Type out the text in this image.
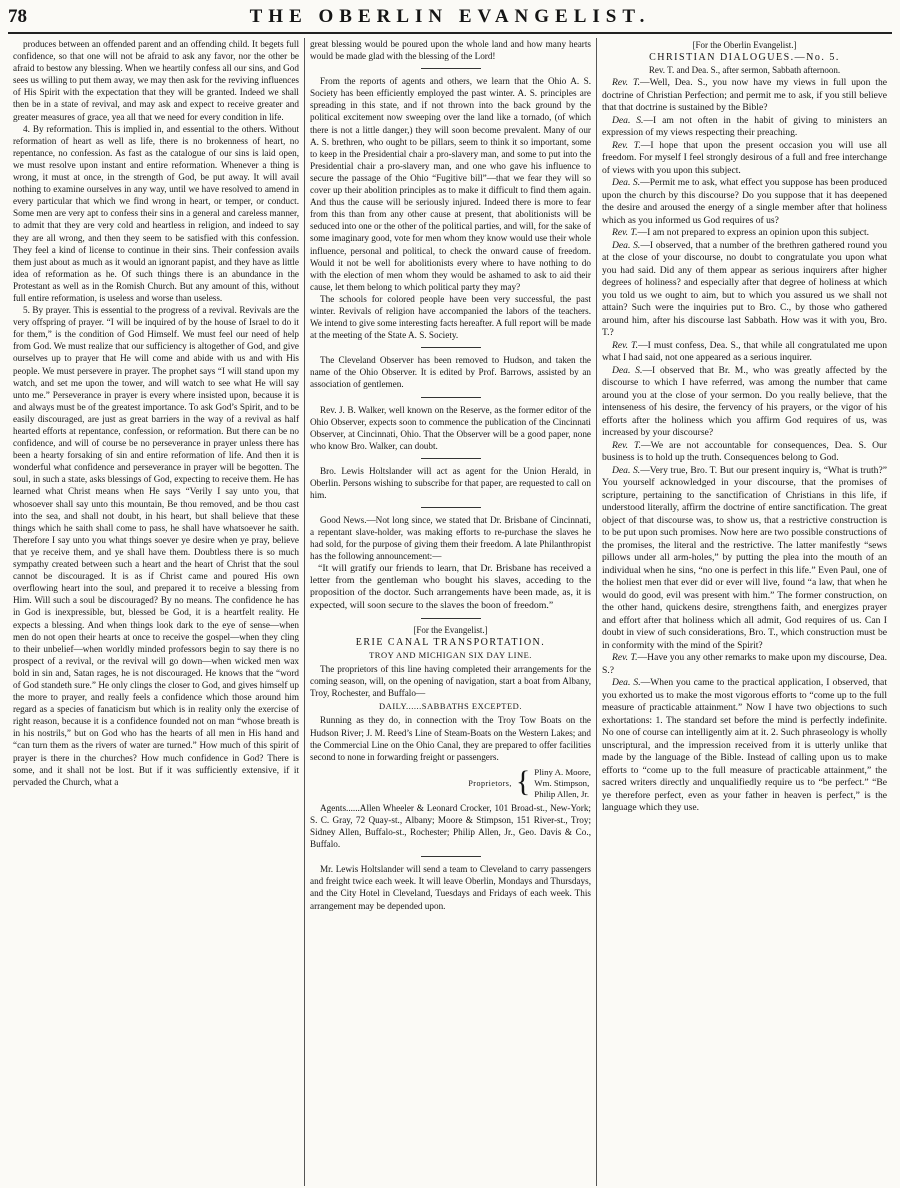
78	THE OBERLIN EVANGELIST.

produces between an offended parent and an offending child. It begets full confidence, so that one will not be afraid to ask any favor, nor the other be afraid to bestow any blessing. When we heartily confess all our sins, and God sees us willing to put them away, we may then ask for the reviving influences of His Spirit with the expectation that they will be granted. Indeed we shall then be in a state of revival, and may ask and expect to receive greater and greater measures of grace, yea all that we need for every condition in life.

4. By reformation. This is implied in, and essential to the others. Without reformation of heart as well as life, there is no brokenness of heart, no repentance, no confession. As fast as the catalogue of our sins is laid open, we must resolve upon instant and entire reformation. Whenever a thing is wrong, it must at once, in the strength of God, be put away. It will avail nothing to examine ourselves in any way, until we have resolved to amend in every particular that which we find wrong in heart, or temper, or conduct. Some men are very apt to confess their sins in a general and careless manner, to admit that they are very cold and heartless in religion, and indeed to say they are all wrong, and then they seem to be satisfied with this confession. They feel a kind of license to continue in their sins. Their confession avails them just about as much as it would an ignorant papist, and they have as little idea of reformation as he. Of such things there is an abundance in the Protestant as well as in the Romish Church. But any amount of this, without full entire reformation, is useless and worse than useless.

5. By prayer. This is essential to the progress of a revival. Revivals are the very offspring of prayer. “I will be inquired of by the house of Israel to do it for them,” is the condition of God Himself. We must feel our need of help from God. We must realize that our sufficiency is altogether of God, and give ourselves up to prayer that He will come and abide with us and with His people. We must persevere in prayer. The prophet says “I will stand upon my watch, and set me upon the tower, and will watch to see what He will say unto me.” Perseverance in prayer is every where insisted upon, because it is and always must be of the greatest importance. To ask God’s Spirit, and to be easily discouraged, are just as great barriers in the way of a revival as half hearted efforts at repentance, confession, or reformation. But there can be no confidence, and will of course be no perseverance in prayer unless there has been a hearty forsaking of sin and entire reformation of life. And then it is wonderful what confidence and perseverance in prayer will be begotten. The soul, in such a state, asks blessings of God, expecting to receive them. He has learned what Christ means when He says “Verily I say unto you, that whosoever shall say unto this mountain, Be thou removed, and be thou cast into the sea, and shall not doubt, in his heart, but shall believe that these things which he saith shall come to pass, he shall have whatsoever he saith. Therefore I say unto you what things soever ye desire when ye pray, believe that ye receive them, and ye shall have them. Doubtless there is so much sympathy created between such a heart and the heart of Christ that the soul cannot be discouraged. It is as if Christ came and poured His own overflowing heart into the soul, and prepared it to receive a blessing from Him. Will such a soul be discouraged? By no means. The confidence he has in God is inexpressible, but, blessed be God, it is a heartfelt reality. He expects a blessing. And when things look dark to the eye of sense—when men do not open their hearts at once to receive the gospel—when they cling to their unbelief—when worldly minded professors begin to say there is no prospect of a revival, or the revival will go down—when wicked men wax bold in sin and, Satan rages, he is not discouraged. He knows that the “word of God standeth sure.” He only clings the closer to God, and gives himself up the more to prayer, and really feels a confidence which those around him regard as a species of fanaticism but which is in reality only the exercise of right reason, because it is a confidence founded not on man “whose breath is in his nostrils,” but on God who has the hearts of all men in His hand and “can turn them as the rivers of water are turned.” How much of this spirit of prayer is there in the churches? How much confidence in God? There is some, and it shall not be lost. But if it was sufficiently extensive, if it pervaded the Church, what a

great blessing would be poured upon the whole land and how many hearts would be made glad with the blessing of the Lord!

From the reports of agents and others, we learn that the Ohio A. S. Society has been efficiently employed the past winter. A. S. principles are spreading in this state, and if not thrown into the back ground by the political excitement now sweeping over the land like a tornado, (of which there is not a little danger,) they will soon become prevalent. Many of our A. S. brethren, who ought to be pillars, seem to think it so important, some to keep in the Presidential chair a pro-slavery man, and some to put into the Presidential chair a pro-slavery man, and one who gave his influence to secure the passage of the Ohio “Fugitive bill”—that we fear they will so cover up their abolition principles as to make it difficult to find them again. And thus the cause will be seriously injured. Indeed there is more to fear from this than from any other cause at present, that abolitionists will be seduced into one or the other of the political parties, and will, for the sake of some imaginary good, vote for men whom they know would use their whole influence, personal and political, to check the onward cause of freedom. Would it not be well for abolitionists every where to have nothing to do with the election of men whom they would be ashamed to ask to aid their cause, let them belong to which political party they may?

The schools for colored people have been very successful, the past winter. Revivals of religion have accompanied the labors of the teachers. We intend to give some interesting facts hereafter. A full report will be made at the meeting of the State A. S. Society.

The Cleveland Observer has been removed to Hudson, and taken the name of the Ohio Observer. It is edited by Prof. Barrows, assisted by an association of gentlemen.

Rev. J. B. Walker, well known on the Reserve, as the former editor of the Ohio Observer, expects soon to commence the publication of the Cincinnati Observer, at Cincinnati, Ohio. That the Observer will be a good paper, none who know Bro. Walker, can doubt.

Bro. Lewis Holtslander will act as agent for the Union Herald, in Oberlin. Persons wishing to subscribe for that paper, are requested to call on him.

Good News.—Not long since, we stated that Dr. Brisbane of Cincinnati, a repentant slave-holder, was making efforts to re-purchase the slaves he had sold, for the purpose of giving them their freedom. A late Philanthropist has the following announcement:—

“It will gratify our friends to learn, that Dr. Brisbane has received a letter from the gentleman who bought his slaves, acceding to the proposition of the doctor. Such arrangements have been made, as, it is expected, will soon secure to the slaves the boon of freedom.”

[For the Evangelist.]
ERIE CANAL TRANSPORTATION.
TROY AND MICHIGAN SIX DAY LINE.

The proprietors of this line having completed their arrangements for the coming season, will, on the opening of navigation, start a boat from Albany, Troy, Rochester, and Buffalo—

DAILY......SABBATHS EXCEPTED.

Running as they do, in connection with the Troy Tow Boats on the Hudson River; J. M. Reed’s Line of Steam-Boats on the Western Lakes; and the Commercial Line on the Ohio Canal, they are prepared to offer facilities second to none in forwarding freight or passengers.

Proprietors, { Pliny A. Moore,
Wm. Stimpson,
Philip Allen, Jr.

Agents......Allen Wheeler & Leonard Crocker, 101 Broad-st., New-York; S. C. Gray, 72 Quay-st., Albany; Moore & Stimpson, 151 River-st., Troy; Sidney Allen, Buffalo-st., Rochester; Philip Allen, Jr., Geo. Davis & Co., Buffalo.

Mr. Lewis Holtslander will send a team to Cleveland to carry passengers and freight twice each week. It will leave Oberlin, Mondays and Thursdays, and the City Hotel in Cleveland, Tuesdays and Fridays of each week. This arrangement may be depended upon.

[For the Oberlin Evangelist.]
CHRISTIAN DIALOGUES.—No. 5.
Rev. T. and Dea. S., after sermon, Sabbath afternoon.

Rev. T.—Well, Dea. S., you now have my views in full upon the doctrine of Christian Perfection; and permit me to ask, if you still believe that that doctrine is sustained by the Bible?

Dea. S.—I am not often in the habit of giving to ministers an expression of my views respecting their preaching.

Rev. T.—I hope that upon the present occasion you will use all freedom. For myself I feel strongly desirous of a full and free interchange of views with you upon this subject.

Dea. S.—Permit me to ask, what effect you suppose has been produced upon the church by this discourse? Do you suppose that it has deepened the desire and aroused the energy of a single member after that holiness which as you informed us God requires of us?

Rev. T.—I am not prepared to express an opinion upon this subject.

Dea. S.—I observed, that a number of the brethren gathered round you at the close of your discourse, no doubt to congratulate you upon what you had said. Did any of them appear as serious inquirers after higher degrees of holiness? and especially after that degree of holiness at which you told us we ought to aim, but to which you assured us we shall not attain? Such were the inquiries put to Bro. C., by those who gathered around him, after his discourse last Sabbath. How was it with you, Bro. T.?

Rev. T.—I must confess, Dea. S., that while all congratulated me upon what I had said, not one appeared as a serious inquirer.

Dea. S.—I observed that Br. M., who was greatly affected by the discourse to which I have referred, was among the number that came around you at the close of your sermon. Do you really believe, that the intenseness of his desire, the fervency of his prayers, or the vigor of his efforts after the holiness which you affirm God requires of us, was increased by your discourse?

Rev. T.—We are not accountable for consequences, Dea. S. Our business is to hold up the truth. Consequences belong to God.

Dea. S.—Very true, Bro. T. But our present inquiry is, “What is truth?” You yourself acknowledged in your discourse, that the promises of scripture, pertaining to the sanctification of Christians in this life, if understood literally, affirm the doctrine of entire sanctification. The great object of that discourse was, to show us, that a restrictive construction is to be put upon such promises. Now here are two possible constructions of the promises, the literal and the restrictive. The latter manifestly “sews pillows under all arm-holes,” by putting the plea into the mouth of an individual when he sins, “no one is perfect in this life.” Even Paul, one of the holiest men that ever did or ever will live, found “a law, that when he would do good, evil was present with him.” The former construction, on the other hand, quickens desire, strengthens faith, and energizes prayer and effort after that holiness which all admit, God requires of us. Can I doubt in view of such considerations, Bro. T., which construction must be in conformity with the mind of the Spirit?

Rev. T.—Have you any other remarks to make upon my discourse, Dea. S.?

Dea. S.—When you came to the practical application, I observed, that you exhorted us to make the most vigorous efforts to “come up to the full measure of practicable attainment.” Now I have two objections to such exhortations: 1. The standard set before the mind is perfectly indefinite. No one of course can intelligently aim at it. 2. Such phraseology is wholly unscriptural, and the impression received from it is utterly unlike that made by the language of the Bible. Instead of calling upon us to make efforts to “come up to the full measure of practicable attainment,” the sacred writers directly and unqualifiedly require us to “be perfect.” “Be ye therefore perfect, even as your father in heaven is perfect,” is the language which they use.
